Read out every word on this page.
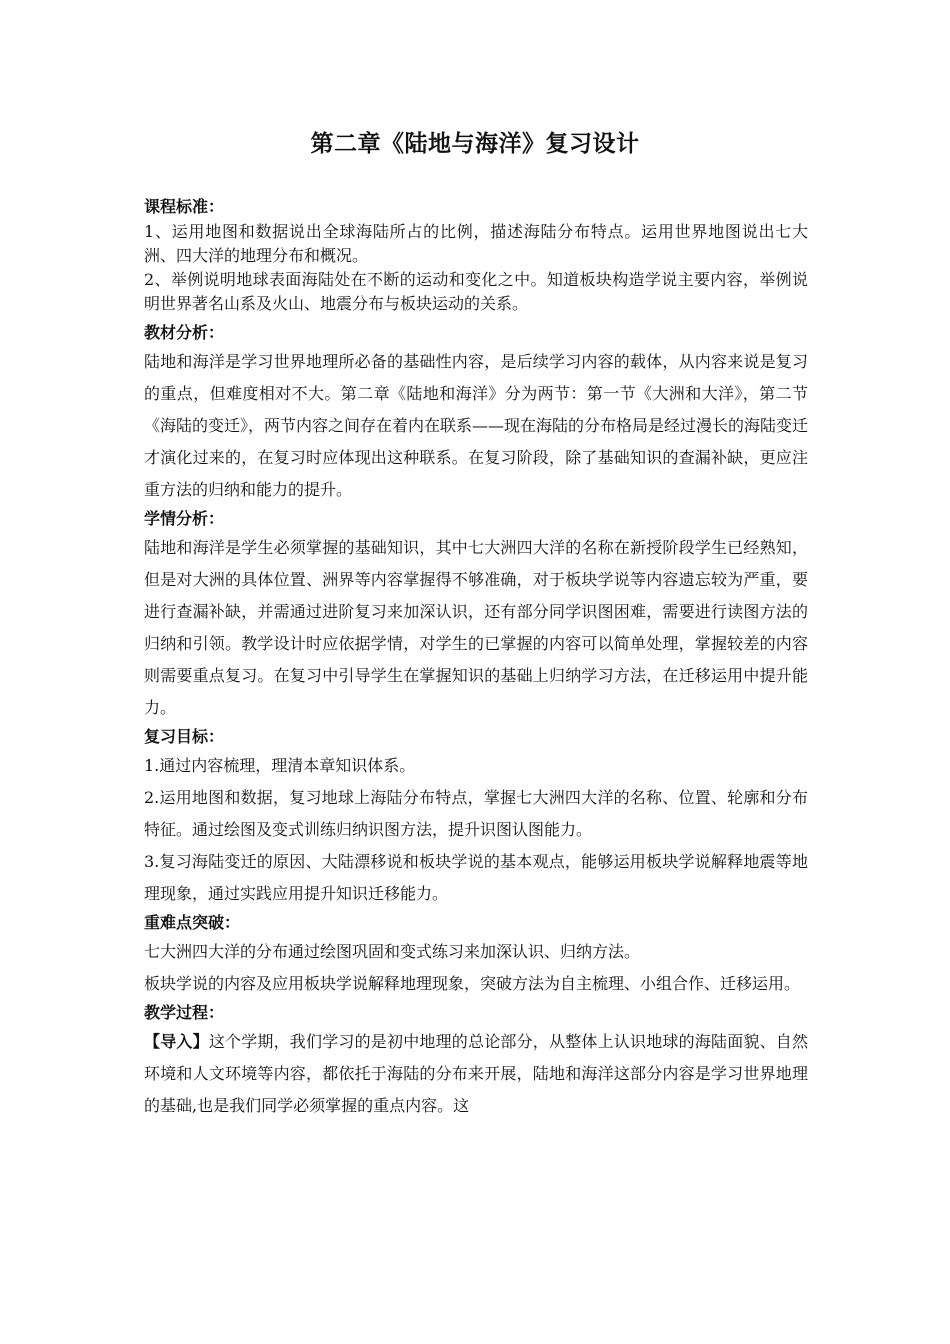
第二章《陆地与海洋》复习设计
课程标准：
1、运用地图和数据说出全球海陆所占的比例，描述海陆分布特点。运用世界地图说出七大洲、四大洋的地理分布和概况。
2、举例说明地球表面海陆处在不断的运动和变化之中。知道板块构造学说主要内容，举例说明世界著名山系及火山、地震分布与板块运动的关系。
教材分析：
陆地和海洋是学习世界地理所必备的基础性内容，是后续学习内容的载体，从内容来说是复习的重点，但难度相对不大。第二章《陆地和海洋》分为两节：第一节《大洲和大洋》，第二节《海陆的变迁》，两节内容之间存在着内在联系——现在海陆的分布格局是经过漫长的海陆变迁才演化过来的，在复习时应体现出这种联系。在复习阶段，除了基础知识的查漏补缺，更应注重方法的归纳和能力的提升。
学情分析：
陆地和海洋是学生必须掌握的基础知识，其中七大洲四大洋的名称在新授阶段学生已经熟知，但是对大洲的具体位置、洲界等内容掌握得不够准确，对于板块学说等内容遗忘较为严重，要进行查漏补缺，并需通过进阶复习来加深认识，还有部分同学识图困难，需要进行读图方法的归纳和引领。教学设计时应依据学情，对学生的已掌握的内容可以简单处理，掌握较差的内容则需要重点复习。在复习中引导学生在掌握知识的基础上归纳学习方法，在迁移运用中提升能力。
复习目标：
1.通过内容梳理，理清本章知识体系。
2.运用地图和数据，复习地球上海陆分布特点，掌握七大洲四大洋的名称、位置、轮廓和分布特征。通过绘图及变式训练归纳识图方法，提升识图认图能力。
3.复习海陆变迁的原因、大陆漂移说和板块学说的基本观点，能够运用板块学说解释地震等地理现象，通过实践应用提升知识迁移能力。
重难点突破：
七大洲四大洋的分布通过绘图巩固和变式练习来加深认识、归纳方法。
板块学说的内容及应用板块学说解释地理现象，突破方法为自主梳理、小组合作、迁移运用。
教学过程：
【导入】这个学期，我们学习的是初中地理的总论部分，从整体上认识地球的海陆面貌、自然环境和人文环境等内容，都依托于海陆的分布来开展，陆地和海洋这部分内容是学习世界地理的基础,也是我们同学必须掌握的重点内容。这
